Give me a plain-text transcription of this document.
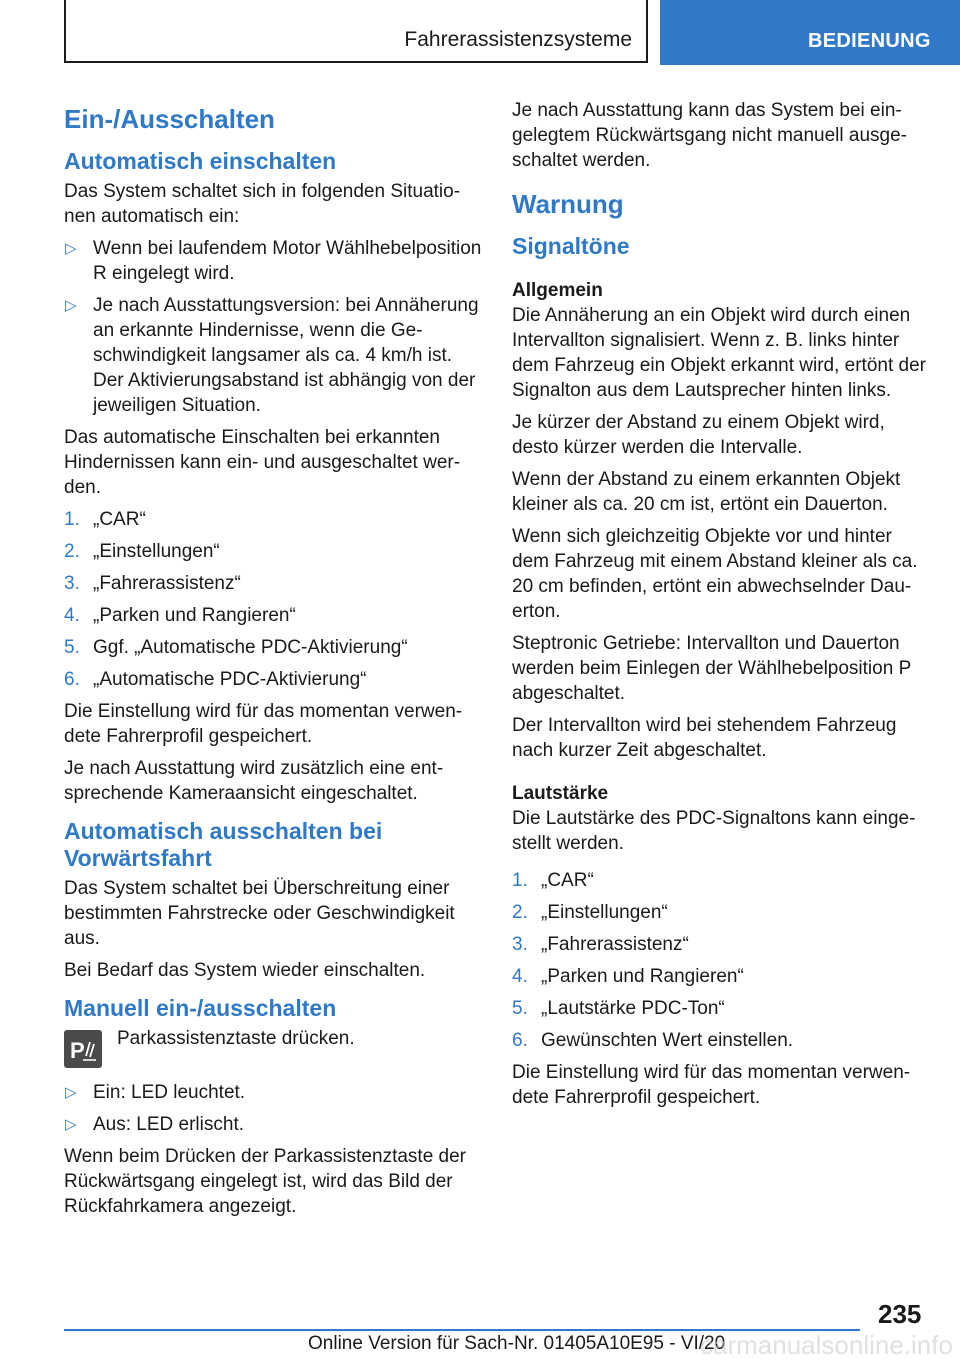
Fahrerassistenzsysteme	BEDIENUNG
Ein-/Ausschalten
Automatisch einschalten

Das System schaltet sich in folgenden Situationen automatisch ein:

▷ Wenn bei laufendem Motor Wählhebelposition R eingelegt wird.
▷ Je nach Ausstattungsversion: bei Annäherung an erkannte Hindernisse, wenn die Geschwindigkeit langsamer als ca. 4 km/h ist. Der Aktivierungsabstand ist abhängig von der jeweiligen Situation.

Das automatische Einschalten bei erkannten Hindernissen kann ein- und ausgeschaltet werden.

1. „CAR“
2. „Einstellungen“
3. „Fahrerassistenz“
4. „Parken und Rangieren“
5. Ggf. „Automatische PDC-Aktivierung“
6. „Automatische PDC-Aktivierung“

Die Einstellung wird für das momentan verwendete Fahrerprofil gespeichert.

Je nach Ausstattung wird zusätzlich eine entsprechende Kameraansicht eingeschaltet.

Automatisch ausschalten bei Vorwärtsfahrt

Das System schaltet bei Überschreitung einer bestimmten Fahrstrecke oder Geschwindigkeit aus.

Bei Bedarf das System wieder einschalten.

Manuell ein-/ausschalten
P	Parkassistenztaste drücken.

▷ Ein: LED leuchtet.
▷ Aus: LED erlischt.

Wenn beim Drücken der Parkassistenztaste der Rückwärtsgang eingelegt ist, wird das Bild der Rückfahrkamera angezeigt.

Je nach Ausstattung kann das System bei eingelegtem Rückwärtsgang nicht manuell ausgeschaltet werden.

Warnung
Signaltöne
Allgemein

Die Annäherung an ein Objekt wird durch einen Intervallton signalisiert. Wenn z. B. links hinter dem Fahrzeug ein Objekt erkannt wird, ertönt der Signalton aus dem Lautsprecher hinten links.

Je kürzer der Abstand zu einem Objekt wird, desto kürzer werden die Intervalle.

Wenn der Abstand zu einem erkannten Objekt kleiner als ca. 20 cm ist, ertönt ein Dauerton.

Wenn sich gleichzeitig Objekte vor und hinter dem Fahrzeug mit einem Abstand kleiner als ca. 20 cm befinden, ertönt ein abwechselnder Dauerton.

Steptronic Getriebe: Intervallton und Dauerton werden beim Einlegen der Wählhebelposition P abgeschaltet.

Der Intervallton wird bei stehendem Fahrzeug nach kurzer Zeit abgeschaltet.

Lautstärke

Die Lautstärke des PDC-Signaltons kann eingestellt werden.

1. „CAR“
2. „Einstellungen“
3. „Fahrerassistenz“
4. „Parken und Rangieren“
5. „Lautstärke PDC-Ton“
6. Gewünschten Wert einstellen.

Die Einstellung wird für das momentan verwendete Fahrerprofil gespeichert.

235
Online Version für Sach-Nr. 01405A10E95 - VI/20
carmanualsonline.info
